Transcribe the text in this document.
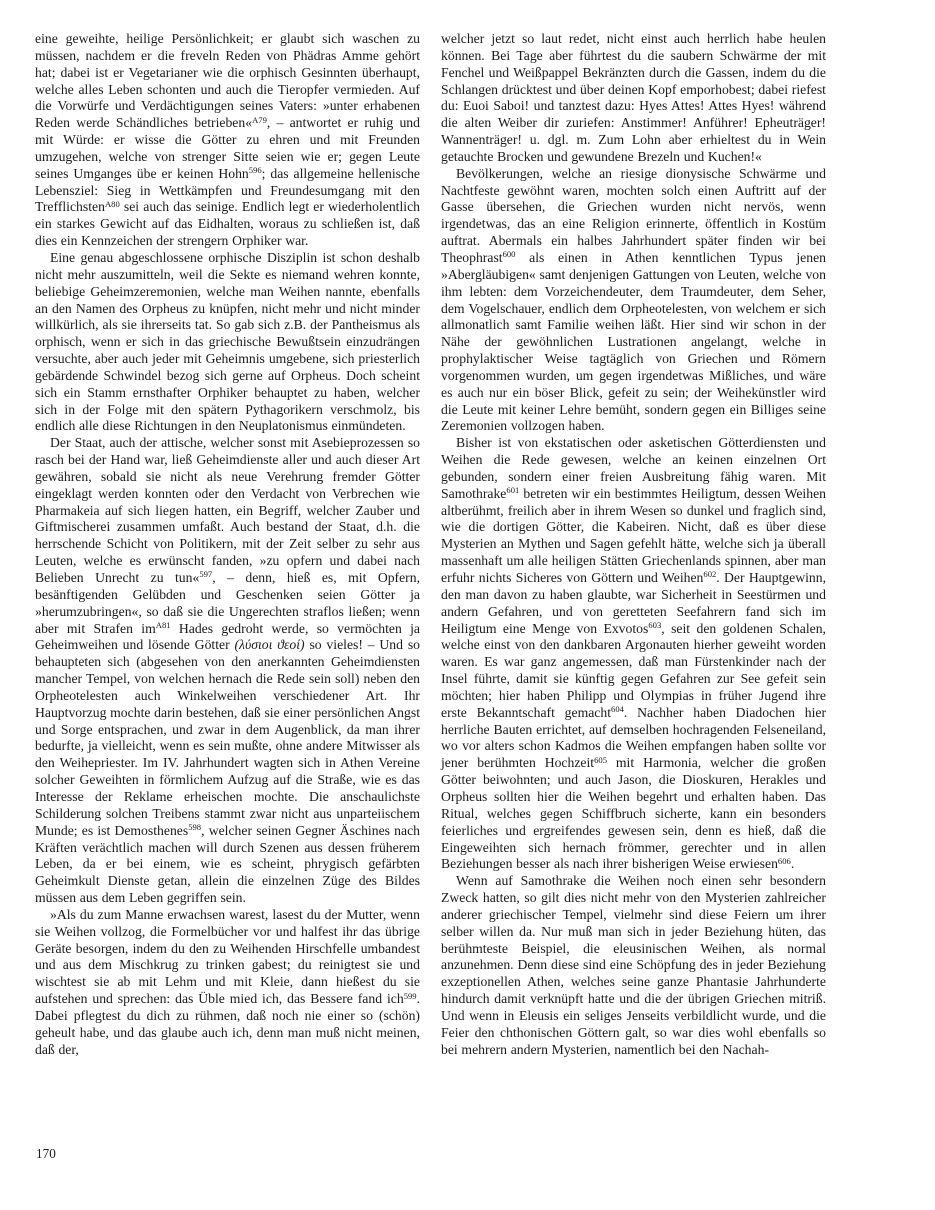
eine geweihte, heilige Persönlichkeit; er glaubt sich waschen zu müssen, nachdem er die freveln Reden von Phädras Amme gehört hat; dabei ist er Vegetarianer wie die orphisch Gesinnten überhaupt, welche alles Leben schonten und auch die Tieropfer vermieden. Auf die Vorwürfe und Verdächtigungen seines Vaters: »unter erhabenen Reden werde Schändliches betrieben«$^{A79}$, – antwortet er ruhig und mit Würde: er wisse die Götter zu ehren und mit Freunden umzugehen, welche von strenger Sitte seien wie er; gegen Leute seines Umganges übe er keinen Hohn$^{596}$; das allgemeine hellenische Lebensziel: Sieg in Wettkämpfen und Freundesumgang mit den Trefflichsten$^{A80}$ sei auch das seinige. Endlich legt er wiederholentlich ein starkes Gewicht auf das Eidhalten, woraus zu schließen ist, daß dies ein Kennzeichen der strengern Orphiker war.

Eine genau abgeschlossene orphische Disziplin ist schon deshalb nicht mehr auszumitteln, weil die Sekte es niemand wehren konnte, beliebige Geheimzeremonien, welche man Weihen nannte, ebenfalls an den Namen des Orpheus zu knüpfen, nicht mehr und nicht minder willkürlich, als sie ihrerseits tat. So gab sich z.B. der Pantheismus als orphisch, wenn er sich in das griechische Bewußtsein einzudrängen versuchte, aber auch jeder mit Geheimnis umgebene, sich priesterlich gebärdende Schwindel bezog sich gerne auf Orpheus. Doch scheint sich ein Stamm ernsthafter Orphiker behauptet zu haben, welcher sich in der Folge mit den spätern Pythagorikern verschmolz, bis endlich alle diese Richtungen in den Neuplatonismus einmündeten.

Der Staat, auch der attische, welcher sonst mit Asebieprozessen so rasch bei der Hand war, ließ Geheimdienste aller und auch dieser Art gewähren, sobald sie nicht als neue Verehrung fremder Götter eingeklagt werden konnten oder den Verdacht von Verbrechen wie Pharmakeia auf sich liegen hatten, ein Begriff, welcher Zauber und Giftmischerei zusammen umfaßt. Auch bestand der Staat, d.h. die herrschende Schicht von Politikern, mit der Zeit selber zu sehr aus Leuten, welche es erwünscht fanden, »zu opfern und dabei nach Belieben Unrecht zu tun«$^{597}$, – denn, hieß es, mit Opfern, besänftigenden Gelübden und Geschenken seien Götter ja »herumzubringen«, so daß sie die Ungerechten straflos ließen; wenn aber mit Strafen im$^{A81}$ Hades gedroht werde, so vermöchten ja Geheimweihen und lösende Götter (λύσιοι ϑεοί) so vieles! – Und so behaupteten sich (abgesehen von den anerkannten Geheimdiensten mancher Tempel, von welchen hernach die Rede sein soll) neben den Orpheotelesten auch Winkelweihen verschiedener Art. Ihr Hauptvorzug mochte darin bestehen, daß sie einer persönlichen Angst und Sorge entsprachen, und zwar in dem Augenblick, da man ihrer bedurfte, ja vielleicht, wenn es sein mußte, ohne andere Mitwisser als den Weihepriester. Im IV. Jahrhundert wagten sich in Athen Vereine solcher Geweihten in förmlichem Aufzug auf die Straße, wie es das Interesse der Reklame erheischen mochte. Die anschaulichste Schilderung solchen Treibens stammt zwar nicht aus unparteiischem Munde; es ist Demosthenes$^{598}$, welcher seinen Gegner Äschines nach Kräften verächtlich machen will durch Szenen aus dessen früherem Leben, da er bei einem, wie es scheint, phrygisch gefärbten Geheimkult Dienste getan, allein die einzelnen Züge des Bildes müssen aus dem Leben gegriffen sein.

»Als du zum Manne erwachsen warest, lasest du der Mutter, wenn sie Weihen vollzog, die Formelbücher vor und halfest ihr das übrige Geräte besorgen, indem du den zu Weihenden Hirschfelle umbandest und aus dem Mischkrug zu trinken gabest; du reinigtest sie und wischtest sie ab mit Lehm und mit Kleie, dann hießest du sie aufstehen und sprechen: das Üble mied ich, das Bessere fand ich$^{599}$. Dabei pflegtest du dich zu rühmen, daß noch nie einer so (schön) geheult habe, und das glaube auch ich, denn man muß nicht meinen, daß der,

welcher jetzt so laut redet, nicht einst auch herrlich habe heulen können. Bei Tage aber führtest du die saubern Schwärme der mit Fenchel und Weißpappel Bekränzten durch die Gassen, indem du die Schlangen drücktest und über deinen Kopf emporhobest; dabei riefest du: Euoi Saboi! und tanztest dazu: Hyes Attes! Attes Hyes! während die alten Weiber dir zuriefen: Anstimmer! Anführer! Epheuträger! Wannenträger! u. dgl. m. Zum Lohn aber erhieltest du in Wein getauchte Brocken und gewundene Brezeln und Kuchen!«

Bevölkerungen, welche an riesige dionysische Schwärme und Nachtfeste gewöhnt waren, mochten solch einen Auftritt auf der Gasse übersehen, die Griechen wurden nicht nervös, wenn irgendetwas, das an eine Religion erinnerte, öffentlich in Kostüm auftrat. Abermals ein halbes Jahrhundert später finden wir bei Theophrast$^{600}$ als einen in Athen kenntlichen Typus jenen »Abergläubigen« samt denjenigen Gattungen von Leuten, welche von ihm lebten: dem Vorzeichendeuter, dem Traumdeuter, dem Seher, dem Vogelschauer, endlich dem Orpheotelesten, von welchem er sich allmonatlich samt Familie weihen läßt. Hier sind wir schon in der Nähe der gewöhnlichen Lustrationen angelangt, welche in prophylaktischer Weise tagtäglich von Griechen und Römern vorgenommen wurden, um gegen irgendetwas Mißliches, und wäre es auch nur ein böser Blick, gefeit zu sein; der Weihekünstler wird die Leute mit keiner Lehre bemüht, sondern gegen ein Billiges seine Zeremonien vollzogen haben.

Bisher ist von ekstatischen oder asketischen Götterdiensten und Weihen die Rede gewesen, welche an keinen einzelnen Ort gebunden, sondern einer freien Ausbreitung fähig waren. Mit Samothrake$^{601}$ betreten wir ein bestimmtes Heiligtum, dessen Weihen altberühmt, freilich aber in ihrem Wesen so dunkel und fraglich sind, wie die dortigen Götter, die Kabeiren. Nicht, daß es über diese Mysterien an Mythen und Sagen gefehlt hätte, welche sich ja überall massenhaft um alle heiligen Stätten Griechenlands spinnen, aber man erfuhr nichts Sicheres von Göttern und Weihen$^{602}$. Der Hauptgewinn, den man davon zu haben glaubte, war Sicherheit in Seestürmen und andern Gefahren, und von geretteten Seefahrern fand sich im Heiligtum eine Menge von Exvotos$^{603}$, seit den goldenen Schalen, welche einst von den dankbaren Argonauten hierher geweiht worden waren. Es war ganz angemessen, daß man Fürstenkinder nach der Insel führte, damit sie künftig gegen Gefahren zur See gefeit sein möchten; hier haben Philipp und Olympias in früher Jugend ihre erste Bekanntschaft gemacht$^{604}$. Nachher haben Diadochen hier herrliche Bauten errichtet, auf demselben hochragenden Felseneiland, wo vor alters schon Kadmos die Weihen empfangen haben sollte vor jener berühmten Hochzeit$^{605}$ mit Harmonia, welcher die großen Götter beiwohnten; und auch Jason, die Dioskuren, Herakles und Orpheus sollten hier die Weihen begehrt und erhalten haben. Das Ritual, welches gegen Schiffbruch sicherte, kann ein besonders feierliches und ergreifendes gewesen sein, denn es hieß, daß die Eingeweihten sich hernach frömmer, gerechter und in allen Beziehungen besser als nach ihrer bisherigen Weise erwiesen$^{606}$.

Wenn auf Samothrake die Weihen noch einen sehr besondern Zweck hatten, so gilt dies nicht mehr von den Mysterien zahlreicher anderer griechischer Tempel, vielmehr sind diese Feiern um ihrer selber willen da. Nur muß man sich in jeder Beziehung hüten, das berühmteste Beispiel, die eleusinischen Weihen, als normal anzunehmen. Denn diese sind eine Schöpfung des in jeder Beziehung exzeptionellen Athen, welches seine ganze Phantasie Jahrhunderte hindurch damit verknüpft hatte und die der übrigen Griechen mitriß. Und wenn in Eleusis ein seliges Jenseits verbildlicht wurde, und die Feier den chthonischen Göttern galt, so war dies wohl ebenfalls so bei mehrern andern Mysterien, namentlich bei den Nachah-

170
